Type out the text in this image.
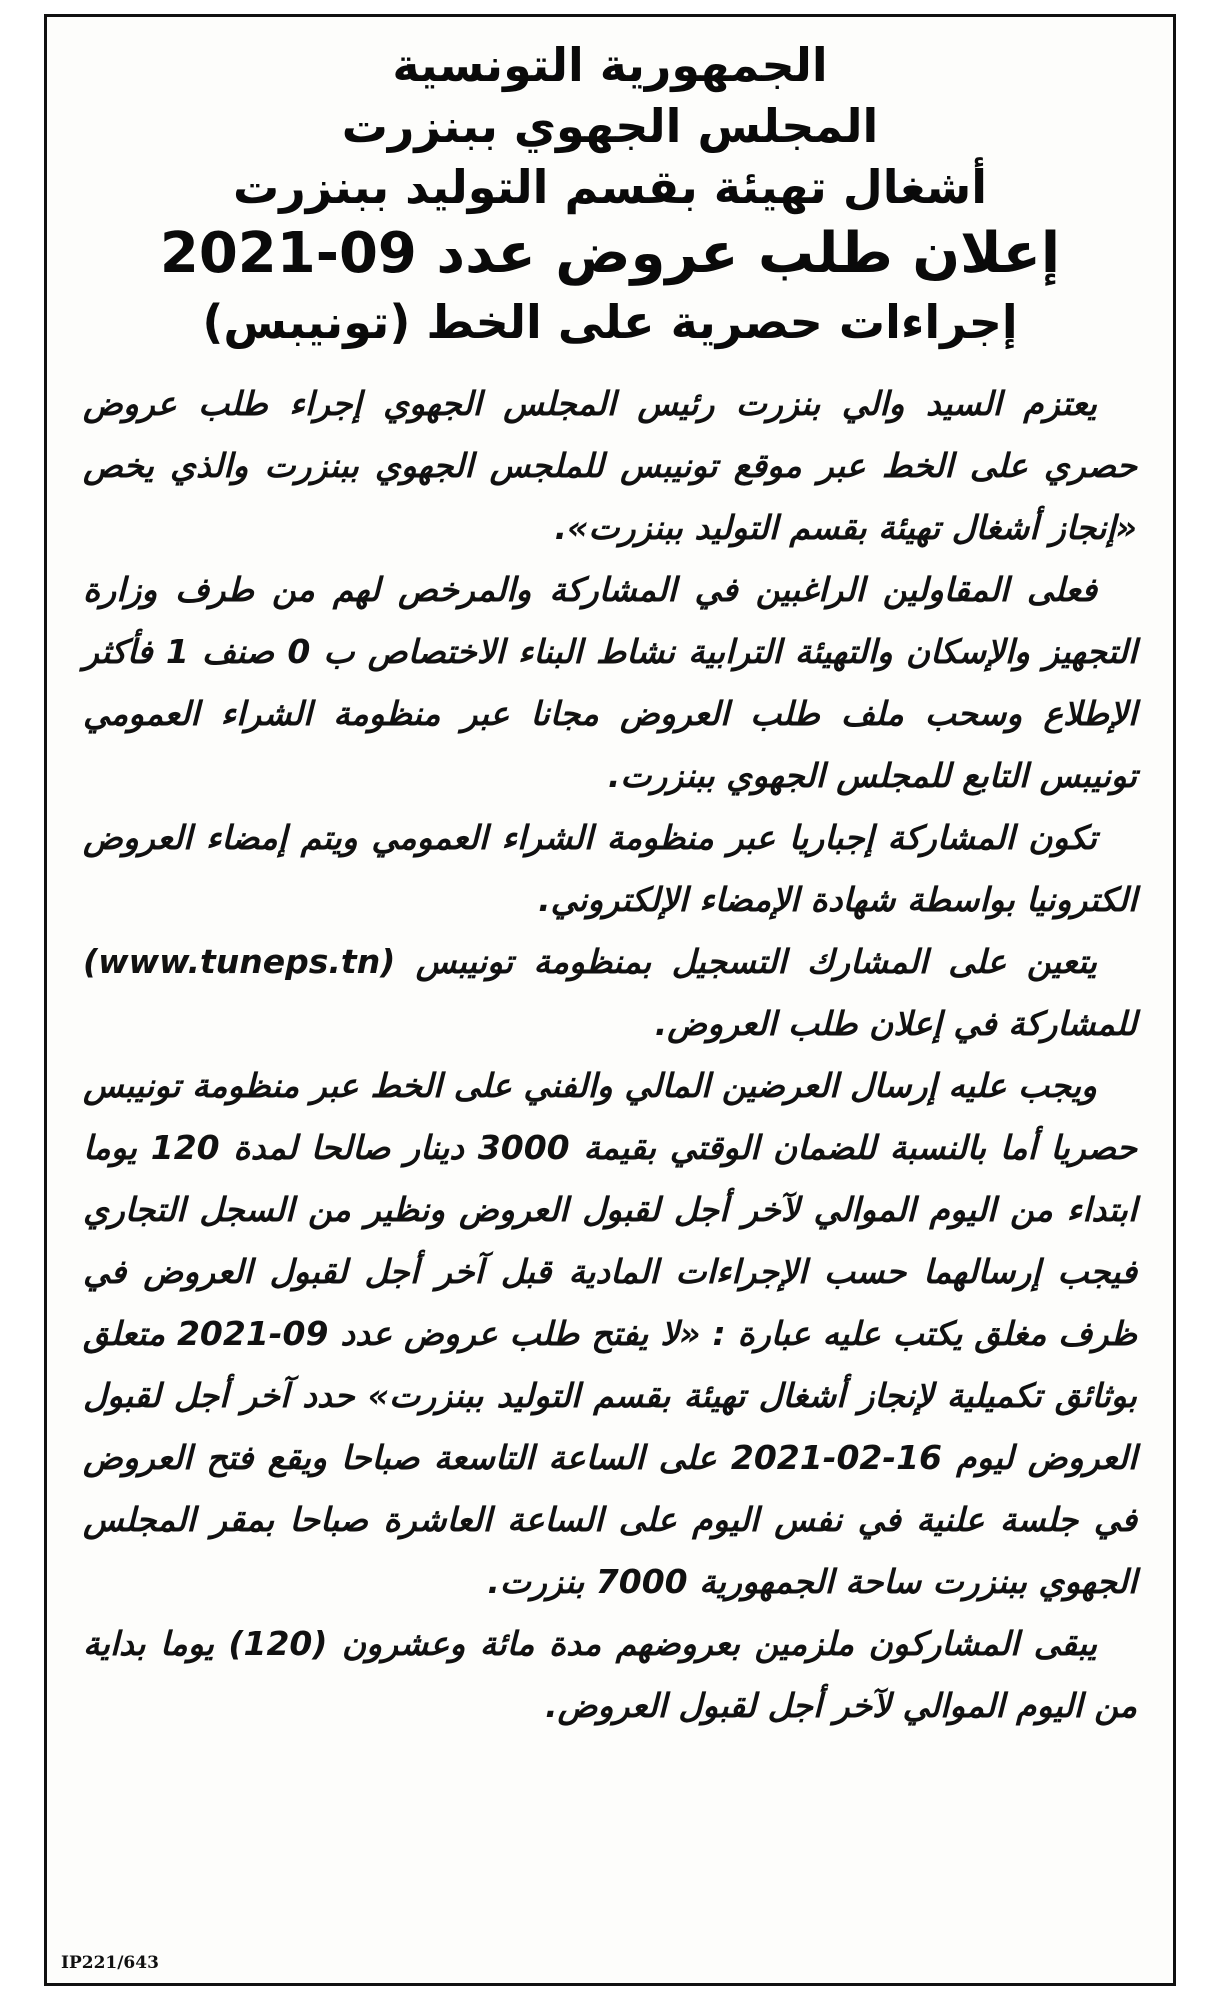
الجمهورية التونسية
المجلس الجهوي ببنزرت
أشغال تهيئة بقسم التوليد ببنزرت
إعلان طلب عروض عدد 09-2021
إجراءات حصرية على الخط (تونيبس)

يعتزم السيد والي بنزرت رئيس المجلس الجهوي إجراء طلب عروض حصري على الخط عبر موقع تونيبس للملجس الجهوي ببنزرت والذي يخص «إنجاز أشغال تهيئة بقسم التوليد ببنزرت».

فعلى المقاولين الراغبين في المشاركة والمرخص لهم من طرف وزارة التجهيز والإسكان والتهيئة الترابية نشاط البناء الاختصاص ب 0 صنف 1 فأكثر الإطلاع وسحب ملف طلب العروض مجانا عبر منظومة الشراء العمومي تونيبس التابع للمجلس الجهوي ببنزرت.

تكون المشاركة إجباريا عبر منظومة الشراء العمومي ويتم إمضاء العروض الكترونيا بواسطة شهادة الإمضاء الإلكتروني.

يتعين على المشارك التسجيل بمنظومة تونيبس (www.tuneps.tn) للمشاركة في إعلان طلب العروض.

ويجب عليه إرسال العرضين المالي والفني على الخط عبر منظومة تونيبس حصريا أما بالنسبة للضمان الوقتي بقيمة 3000 دينار صالحا لمدة 120 يوما ابتداء من اليوم الموالي لآخر أجل لقبول العروض ونظير من السجل التجاري فيجب إرسالهما حسب الإجراءات المادية قبل آخر أجل لقبول العروض في ظرف مغلق يكتب عليه عبارة : «لا يفتح طلب عروض عدد 09-2021 متعلق بوثائق تكميلية لإنجاز أشغال تهيئة بقسم التوليد ببنزرت» حدد آخر أجل لقبول العروض ليوم 16-02-2021 على الساعة التاسعة صباحا ويقع فتح العروض في جلسة علنية في نفس اليوم على الساعة العاشرة صباحا بمقر المجلس الجهوي ببنزرت ساحة الجمهورية 7000 بنزرت.

يبقى المشاركون ملزمين بعروضهم مدة مائة وعشرون (120) يوما بداية من اليوم الموالي لآخر أجل لقبول العروض.

IP221/643
